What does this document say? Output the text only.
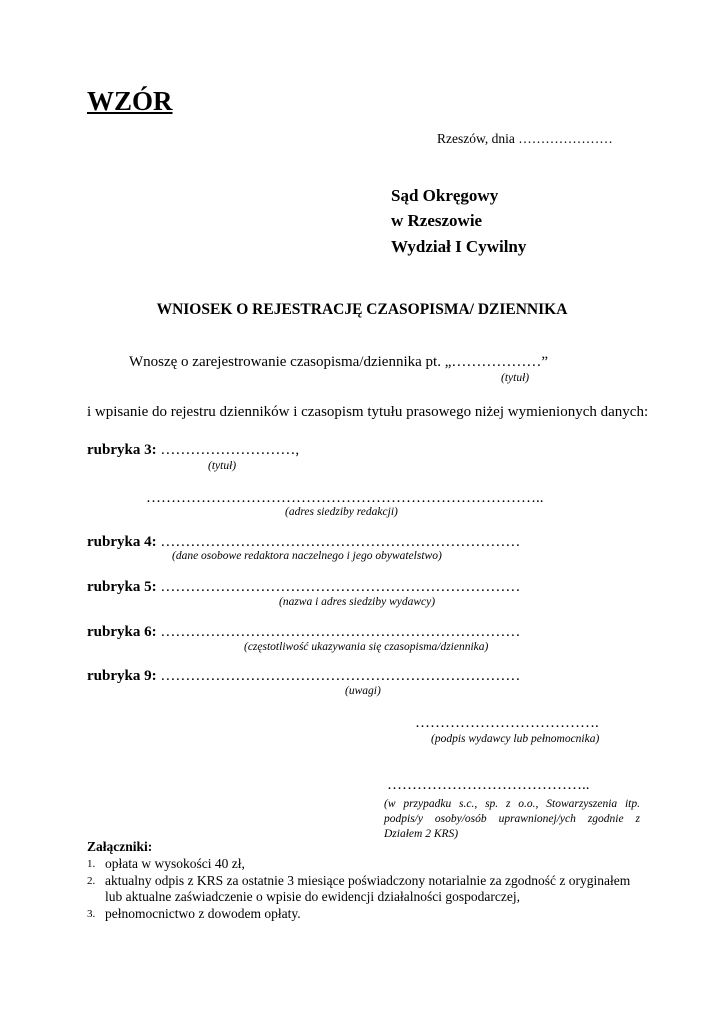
WZÓR
Rzeszów, dnia …………………
Sąd Okręgowy
w Rzeszowie
Wydział I Cywilny
WNIOSEK O REJESTRACJĘ CZASOPISMA/ DZIENNIKA
Wnoszę o zarejestrowanie czasopisma/dziennika pt. „………………”
(tytuł)
i wpisanie do rejestru dzienników i czasopism tytułu prasowego niżej wymienionych danych:
rubryka 3: ………………………,
(tytuł)
……………………………………………………………………..
(adres siedziby redakcji)
rubryka 4: ………………………………………………………………
(dane osobowe redaktora naczelnego i jego obywatelstwo)
rubryka 5: ………………………………………………………………
(nazwa i adres siedziby wydawcy)
rubryka 6: ………………………………………………………………
(częstotliwość ukazywania się czasopisma/dziennika)
rubryka 9: ………………………………………………………………
(uwagi)
……………………………….
(podpis wydawcy lub pełnomocnika)
…………………………………..
(w przypadku s.c., sp. z o.o., Stowarzyszenia itp. podpis/y osoby/osób uprawnionej/ych zgodnie z Działem 2 KRS)
Załączniki:
1. opłata w wysokości 40 zł,
2. aktualny odpis z KRS za ostatnie 3 miesiące poświadczony notarialnie za zgodność z oryginałem lub aktualne zaświadczenie o wpisie do ewidencji działalności gospodarczej,
3. pełnomocnictwo z dowodem opłaty.
